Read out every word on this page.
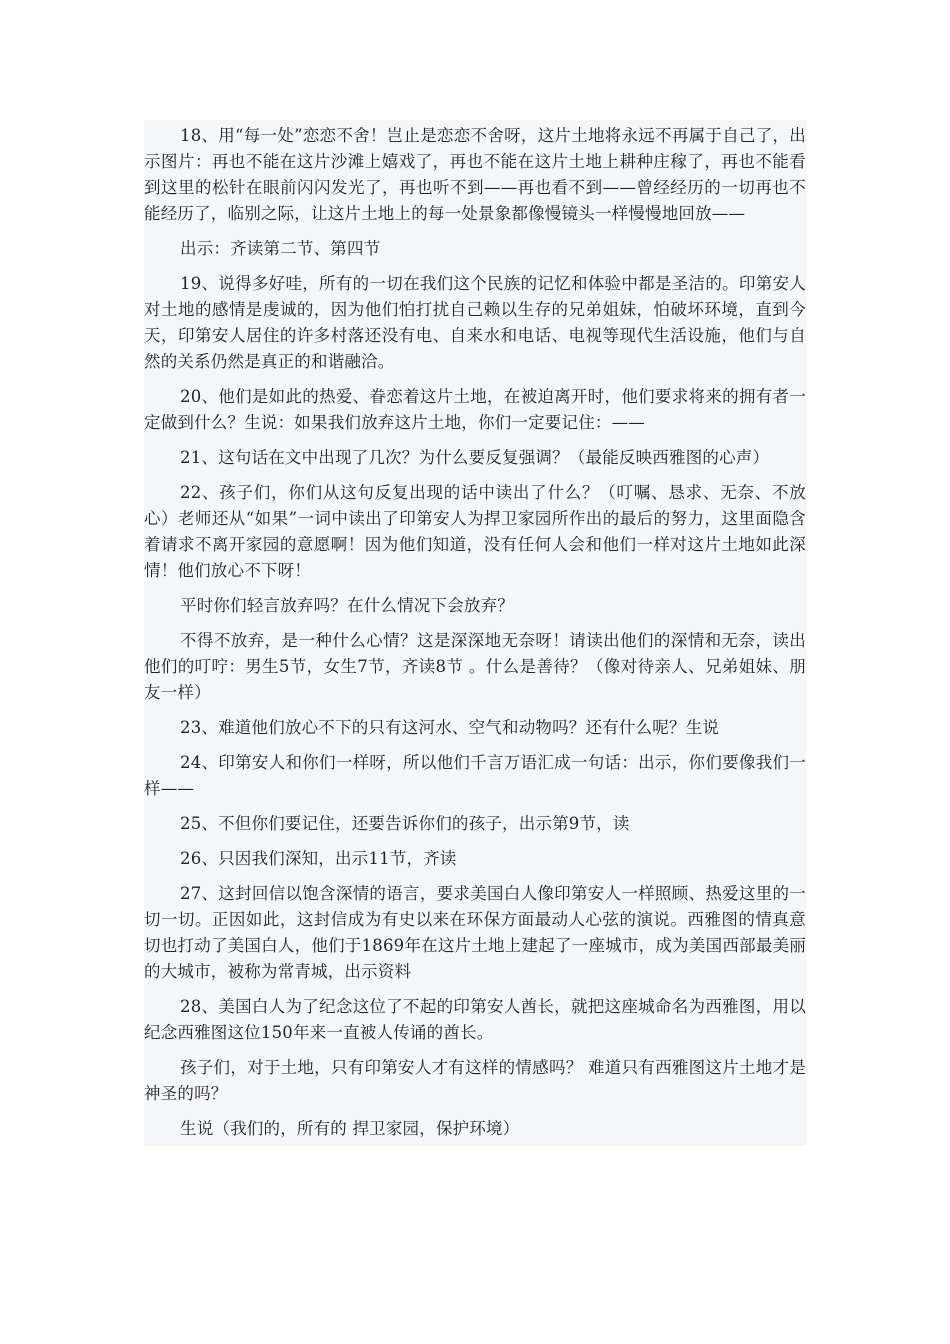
18、用“每一处”恋恋不舍！岂止是恋恋不舍呀，这片土地将永远不再属于自己了，出示图片：再也不能在这片沙滩上嬉戏了，再也不能在这片土地上耕种庄稼了，再也不能看到这里的松针在眼前闪闪发光了，再也听不到——再也看不到——曾经经历的一切再也不能经历了，临别之际，让这片土地上的每一处景象都像慢镜头一样慢慢地回放——

出示：齐读第二节、第四节

19、说得多好哇，所有的一切在我们这个民族的记忆和体验中都是圣洁的。印第安人对土地的感情是虔诚的，因为他们怕打扰自己赖以生存的兄弟姐妹，怕破坏环境，直到今天，印第安人居住的许多村落还没有电、自来水和电话、电视等现代生活设施，他们与自然的关系仍然是真正的和谐融洽。

20、他们是如此的热爱、眷恋着这片土地，在被迫离开时，他们要求将来的拥有者一定做到什么？生说：如果我们放弃这片土地，你们一定要记住：——

21、这句话在文中出现了几次？为什么要反复强调？（最能反映西雅图的心声）

22、孩子们，你们从这句反复出现的话中读出了什么？（叮嘱、恳求、无奈、不放心）老师还从“如果”一词中读出了印第安人为捍卫家园所作出的最后的努力，这里面隐含着请求不离开家园的意愿啊！因为他们知道，没有任何人会和他们一样对这片土地如此深情！他们放心不下呀！

平时你们轻言放弃吗？在什么情况下会放弃？

不得不放弃，是一种什么心情？这是深深地无奈呀！请读出他们的深情和无奈，读出他们的叮咛：男生5节，女生7节，齐读8节 。什么是善待？（像对待亲人、兄弟姐妹、朋友一样）

23、难道他们放心不下的只有这河水、空气和动物吗？还有什么呢？生说

24、印第安人和你们一样呀，所以他们千言万语汇成一句话：出示，你们要像我们一样——

25、不但你们要记住，还要告诉你们的孩子，出示第9节，读

26、只因我们深知，出示11节，齐读

27、这封回信以饱含深情的语言，要求美国白人像印第安人一样照顾、热爱这里的一切一切。正因如此，这封信成为有史以来在环保方面最动人心弦的演说。西雅图的情真意切也打动了美国白人，他们于1869年在这片土地上建起了一座城市，成为美国西部最美丽的大城市，被称为常青城，出示资料

28、美国白人为了纪念这位了不起的印第安人酋长，就把这座城命名为西雅图，用以纪念西雅图这位150年来一直被人传诵的酋长。

孩子们，对于土地，只有印第安人才有这样的情感吗？ 难道只有西雅图这片土地才是神圣的吗？

生说（我们的，所有的 捍卫家园，保护环境）
